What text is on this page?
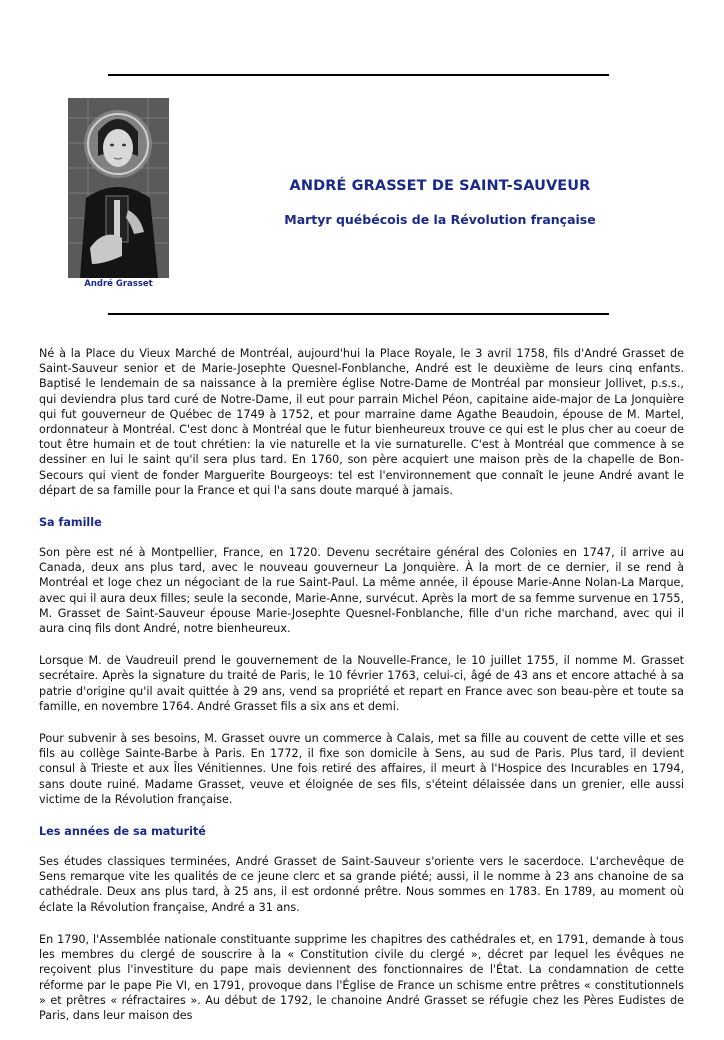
André Grasset
ANDRÉ GRASSET DE SAINT-SAUVEUR
Martyr québécois de la Révolution française

Né à la Place du Vieux Marché de Montréal, aujourd'hui la Place Royale, le 3 avril 1758, fils d'André Grasset de Saint-Sauveur senior et de Marie-Josephte Quesnel-Fonblanche, André est le deuxième de leurs cinq enfants. Baptisé le lendemain de sa naissance à la première église Notre-Dame de Montréal par monsieur Jollivet, p.s.s., qui deviendra plus tard curé de Notre-Dame, il eut pour parrain Michel Péon, capitaine aide-major de La Jonquière qui fut gouverneur de Québec de 1749 à 1752, et pour marraine dame Agathe Beaudoin, épouse de M. Martel, ordonnateur à Montréal. C'est donc à Montréal que le futur bienheureux trouve ce qui est le plus cher au coeur de tout être humain et de tout chrétien: la vie naturelle et la vie surnaturelle. C'est à Montréal que commence à se dessiner en lui le saint qu'il sera plus tard. En 1760, son père acquiert une maison près de la chapelle de Bon-Secours qui vient de fonder Marguerite Bourgeoys: tel est l'environnement que connaît le jeune André avant le départ de sa famille pour la France et qui l'a sans doute marqué à jamais.

Sa famille

Son père est né à Montpellier, France, en 1720. Devenu secrétaire général des Colonies en 1747, il arrive au Canada, deux ans plus tard, avec le nouveau gouverneur La Jonquière. À la mort de ce dernier, il se rend à Montréal et loge chez un négociant de la rue Saint-Paul. La même année, il épouse Marie-Anne Nolan-La Marque, avec qui il aura deux filles; seule la seconde, Marie-Anne, survécut. Après la mort de sa femme survenue en 1755, M. Grasset de Saint-Sauveur épouse Marie-Josephte Quesnel-Fonblanche, fille d'un riche marchand, avec qui il aura cinq fils dont André, notre bienheureux.

Lorsque M. de Vaudreuil prend le gouvernement de la Nouvelle-France, le 10 juillet 1755, il nomme M. Grasset secrétaire. Après la signature du traité de Paris, le 10 février 1763, celui-ci, âgé de 43 ans et encore attaché à sa patrie d'origine qu'il avait quittée à 29 ans, vend sa propriété et repart en France avec son beau-père et toute sa famille, en novembre 1764. André Grasset fils a six ans et demi.

Pour subvenir à ses besoins, M. Grasset ouvre un commerce à Calais, met sa fille au couvent de cette ville et ses fils au collège Sainte-Barbe à Paris. En 1772, il fixe son domicile à Sens, au sud de Paris. Plus tard, il devient consul à Trieste et aux Îles Vénitiennes. Une fois retiré des affaires, il meurt à l'Hospice des Incurables en 1794, sans doute ruiné. Madame Grasset, veuve et éloignée de ses fils, s'éteint délaissée dans un grenier, elle aussi victime de la Révolution française.

Les années de sa maturité

Ses études classiques terminées, André Grasset de Saint-Sauveur s'oriente vers le sacerdoce. L'archevêque de Sens remarque vite les qualités de ce jeune clerc et sa grande piété; aussi, il le nomme à 23 ans chanoine de sa cathédrale. Deux ans plus tard, à 25 ans, il est ordonné prêtre. Nous sommes en 1783. En 1789, au moment où éclate la Révolution française, André a 31 ans.

En 1790, l'Assemblée nationale constituante supprime les chapitres des cathédrales et, en 1791, demande à tous les membres du clergé de souscrire à la « Constitution civile du clergé », décret par lequel les évêques ne reçoivent plus l'investiture du pape mais deviennent des fonctionnaires de l'État. La condamnation de cette réforme par le pape Pie VI, en 1791, provoque dans l'Église de France un schisme entre prêtres « constitutionnels » et prêtres « réfractaires ». Au début de 1792, le chanoine André Grasset se réfugie chez les Pères Eudistes de Paris, dans leur maison des
